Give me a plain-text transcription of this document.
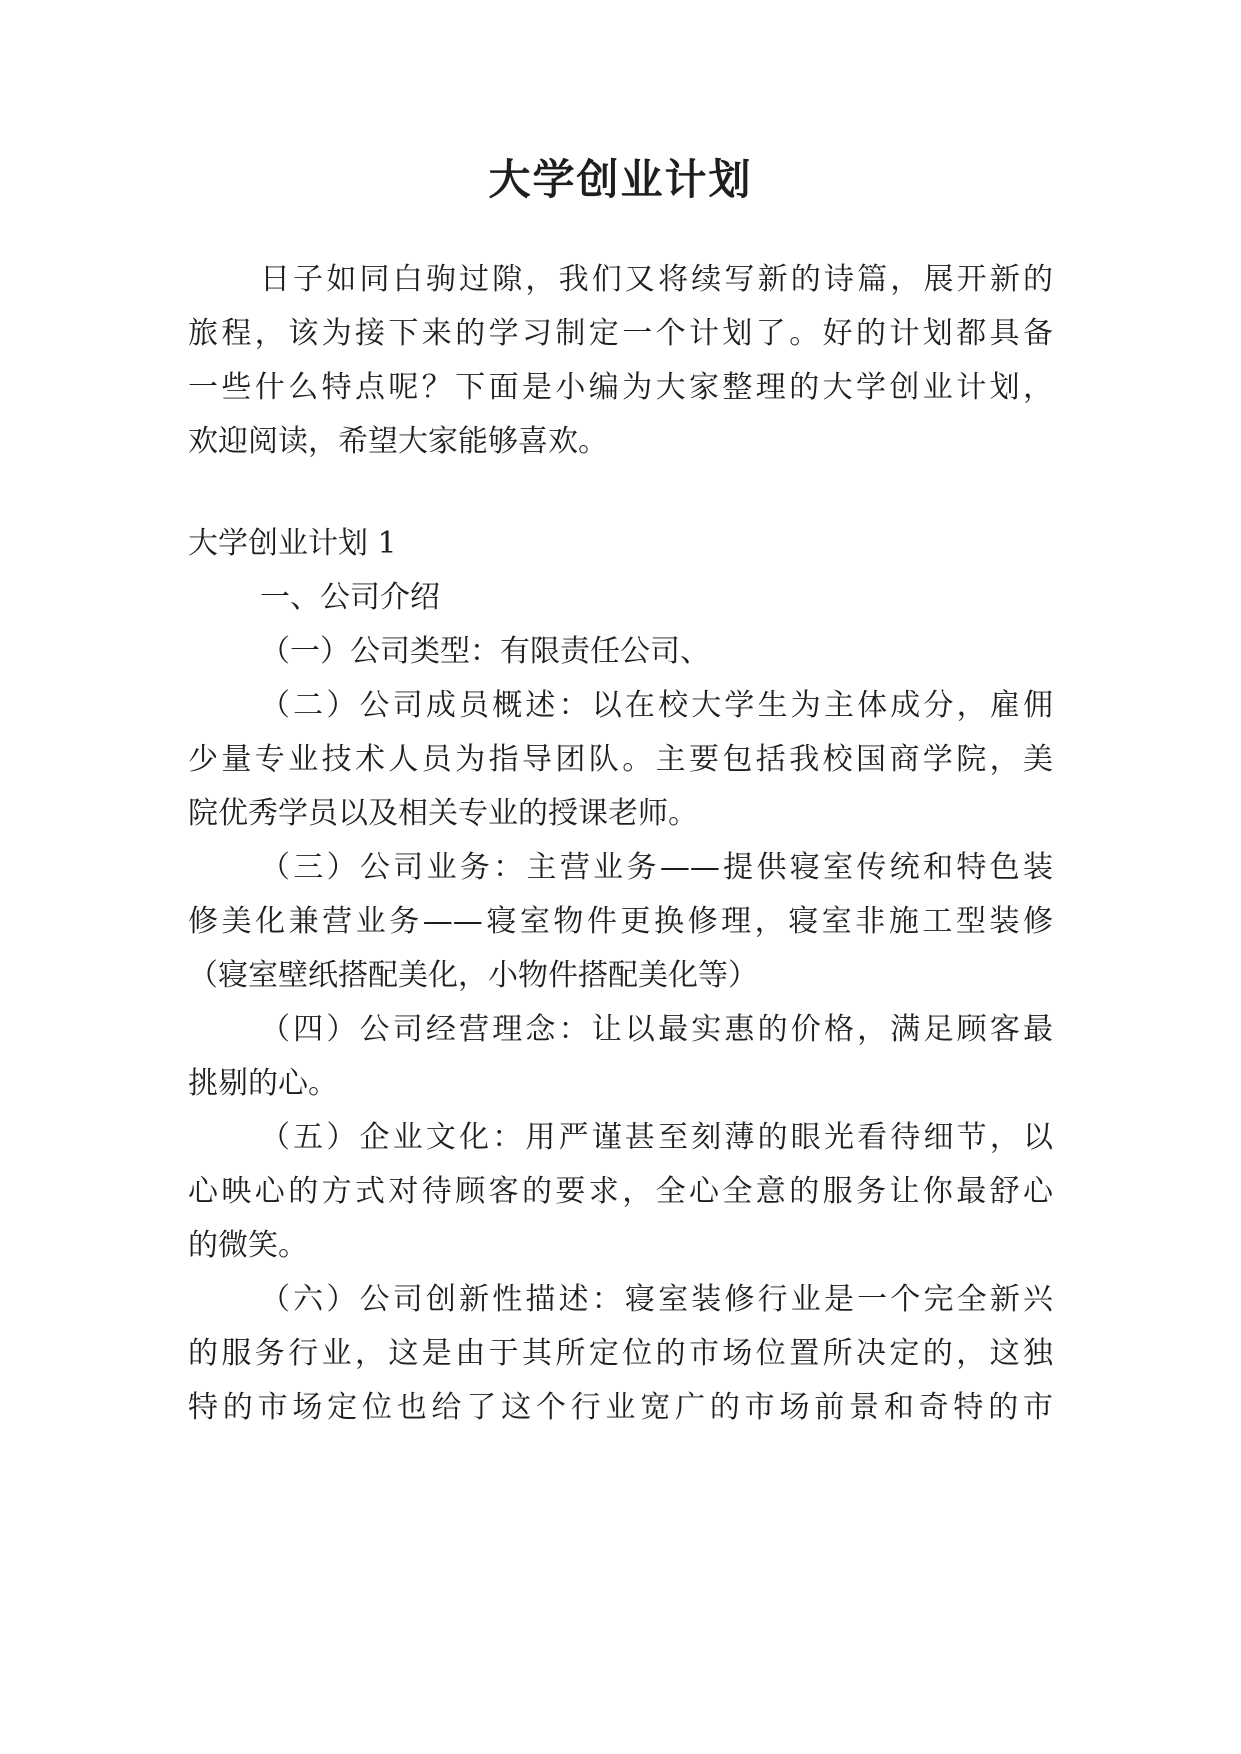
大学创业计划
日子如同白驹过隙，我们又将续写新的诗篇，展开新的
旅程，该为接下来的学习制定一个计划了。好的计划都具备
一些什么特点呢？下面是小编为大家整理的大学创业计划，
欢迎阅读，希望大家能够喜欢。
大学创业计划 1
一、公司介绍
（一）公司类型：有限责任公司、
（二）公司成员概述：以在校大学生为主体成分，雇佣
少量专业技术人员为指导团队。主要包括我校国商学院，美
院优秀学员以及相关专业的授课老师。
（三）公司业务：主营业务——提供寝室传统和特色装
修美化兼营业务——寝室物件更换修理，寝室非施工型装修
（寝室壁纸搭配美化，小物件搭配美化等）
（四）公司经营理念：让以最实惠的价格，满足顾客最
挑剔的心。
（五）企业文化：用严谨甚至刻薄的眼光看待细节，以
心映心的方式对待顾客的要求，全心全意的服务让你最舒心
的微笑。
（六）公司创新性描述：寝室装修行业是一个完全新兴
的服务行业，这是由于其所定位的市场位置所决定的，这独
特的市场定位也给了这个行业宽广的市场前景和奇特的市
